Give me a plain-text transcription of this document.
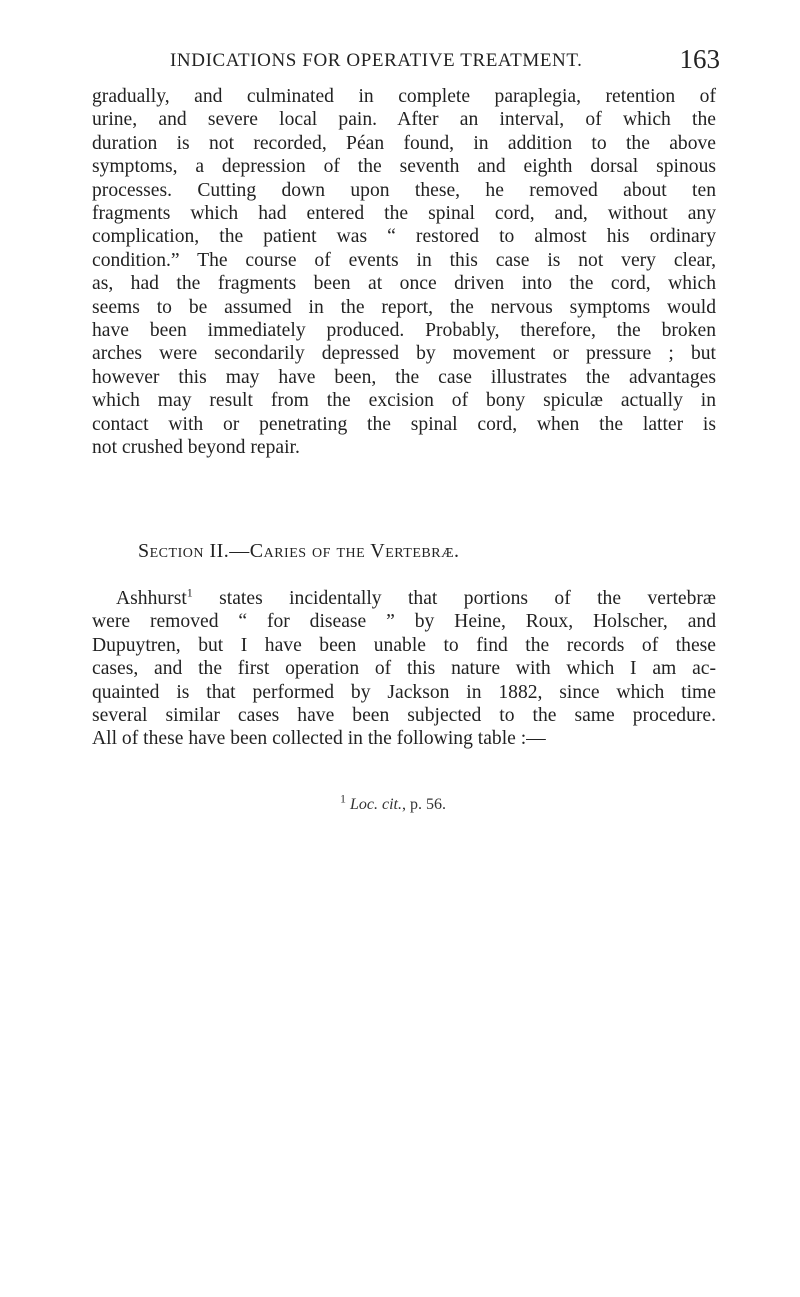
INDICATIONS FOR OPERATIVE TREATMENT.	163
gradually, and culminated in complete paraplegia, retention of
urine, and severe local pain. After an interval, of which the
duration is not recorded, Péan found, in addition to the above
symptoms, a depression of the seventh and eighth dorsal spinous
processes. Cutting down upon these, he removed about ten
fragments which had entered the spinal cord, and, without any
complication, the patient was “ restored to almost his ordinary
condition.” The course of events in this case is not very clear,
as, had the fragments been at once driven into the cord, which
seems to be assumed in the report, the nervous symptoms would
have been immediately produced. Probably, therefore, the broken
arches were secondarily depressed by movement or pressure ; but
however this may have been, the case illustrates the advantages
which may result from the excision of bony spiculæ actually in
contact with or penetrating the spinal cord, when the latter is
not crushed beyond repair.
Section II.—Caries of the Vertebræ.
Ashhurst$^1$ states incidentally that portions of the vertebræ
were removed “ for disease ” by Heine, Roux, Holscher, and
Dupuytren, but I have been unable to find the records of these
cases, and the first operation of this nature with which I am ac-
quainted is that performed by Jackson in 1882, since which time
several similar cases have been subjected to the same procedure.
All of these have been collected in the following table :—
$^1$ Loc. cit., p. 56.
